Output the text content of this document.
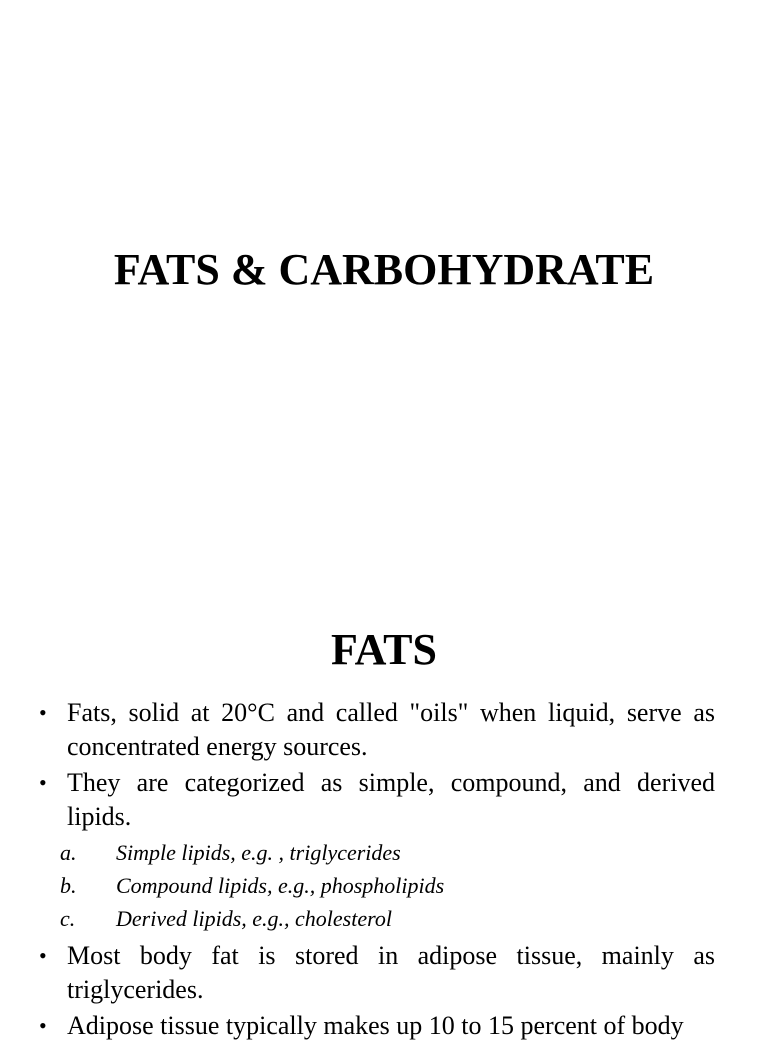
FATS & CARBOHYDRATE
FATS
• Fats, solid at 20°C and called "oils" when liquid, serve as concentrated energy sources.
• They are categorized as simple, compound, and derived lipids.
a. Simple lipids, e.g. , triglycerides
b. Compound lipids, e.g., phospholipids
c. Derived lipids, e.g., cholesterol
• Most body fat is stored in adipose tissue, mainly as triglycerides.
• Adipose tissue typically makes up 10 to 15 percent of body
